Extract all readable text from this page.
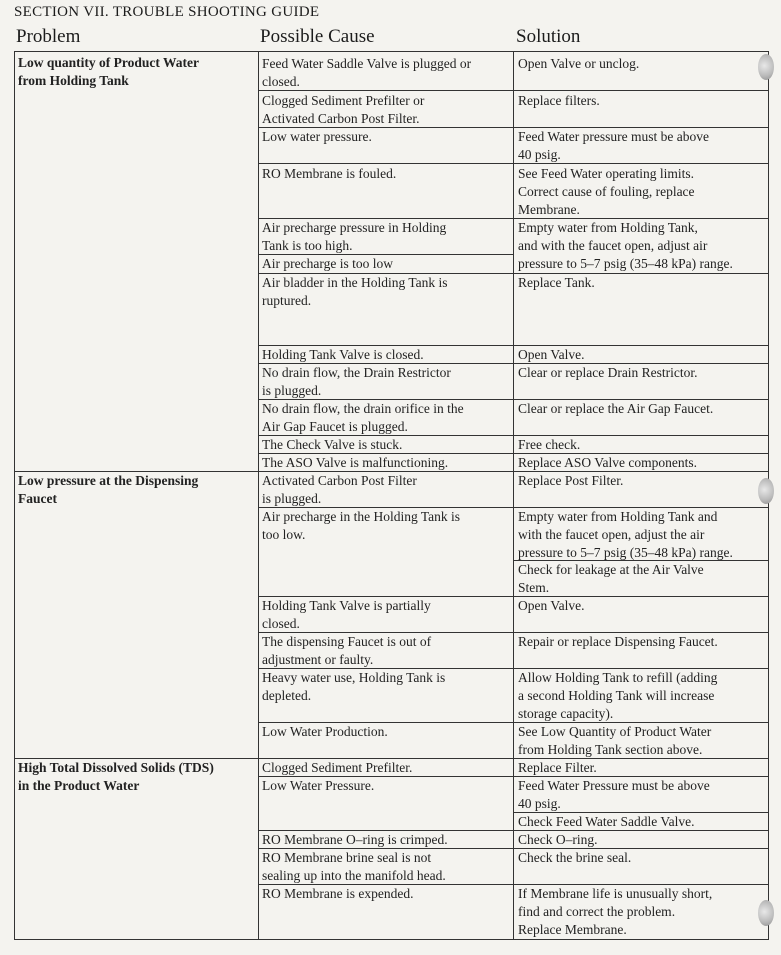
SECTION VII. TROUBLE SHOOTING GUIDE
Problem	Possible Cause	Solution
Low quantity of Product Water
from Holding Tank
Low pressure at the Dispensing
Faucet
High Total Dissolved Solids (TDS)
in the Product Water
Feed Water Saddle Valve is plugged or
closed.
Clogged Sediment Prefilter or
Activated Carbon Post Filter.
Low water pressure.
RO Membrane is fouled.
Air precharge pressure in Holding
Tank is too high.
Air precharge is too low
Air bladder in the Holding Tank is
ruptured.
Holding Tank Valve is closed.
No drain flow, the Drain Restrictor
is plugged.
No drain flow, the drain orifice in the
Air Gap Faucet is plugged.
The Check Valve is stuck.
The ASO Valve is malfunctioning.
Activated Carbon Post Filter
is plugged.
Air precharge in the Holding Tank is
too low.
Holding Tank Valve is partially
closed.
The dispensing Faucet is out of
adjustment or faulty.
Heavy water use, Holding Tank is
depleted.
Low Water Production.
Clogged Sediment Prefilter.
Low Water Pressure.
RO Membrane O–ring is crimped.
RO Membrane brine seal is not
sealing up into the manifold head.
RO Membrane is expended.
Open Valve or unclog.
Replace filters.
Feed Water pressure must be above
40 psig.
See Feed Water operating limits.
Correct cause of fouling, replace
Membrane.
Empty water from Holding Tank,
and with the faucet open, adjust air
pressure to 5–7 psig (35–48 kPa) range.
Replace Tank.
Open Valve.
Clear or replace Drain Restrictor.
Clear or replace the Air Gap Faucet.
Free check.
Replace ASO Valve components.
Replace Post Filter.
Empty water from Holding Tank and
with the faucet open, adjust the air
pressure to 5–7 psig (35–48 kPa) range.
Check for leakage at the Air Valve
Stem.
Open Valve.
Repair or replace Dispensing Faucet.
Allow Holding Tank to refill (adding
a second Holding Tank will increase
storage capacity).
See Low Quantity of Product Water
from Holding Tank section above.
Replace Filter.
Feed Water Pressure must be above
40 psig.
Check Feed Water Saddle Valve.
Check O–ring.
Check the brine seal.
If Membrane life is unusually short,
find and correct the problem.
Replace Membrane.
